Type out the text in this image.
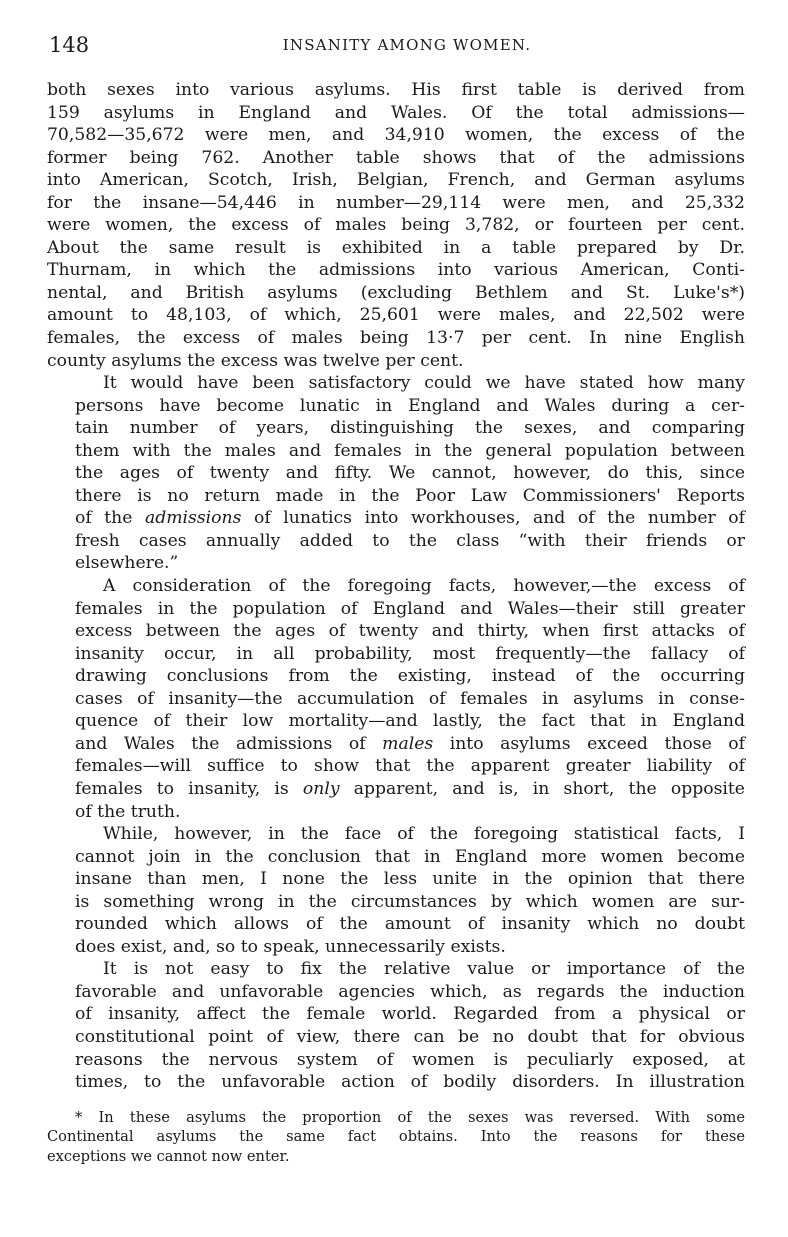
148	INSANITY AMONG WOMEN.

both sexes into various asylums. His first table is derived from
159 asylums in England and Wales. Of the total admissions—
70,582—35,672 were men, and 34,910 women, the excess of the
former being 762. Another table shows that of the admissions
into American, Scotch, Irish, Belgian, French, and German asylums
for the insane—54,446 in number—29,114 were men, and 25,332
were women, the excess of males being 3,782, or fourteen per cent.
About the same result is exhibited in a table prepared by Dr.
Thurnam, in which the admissions into various American, Conti-
nental, and British asylums (excluding Bethlem and St. Luke's*)
amount to 48,103, of which, 25,601 were males, and 22,502 were
females, the excess of males being 13·7 per cent. In nine English
county asylums the excess was twelve per cent.

It would have been satisfactory could we have stated how many
persons have become lunatic in England and Wales during a cer-
tain number of years, distinguishing the sexes, and comparing
them with the males and females in the general population between
the ages of twenty and fifty. We cannot, however, do this, since
there is no return made in the Poor Law Commissioners' Reports
of the admissions of lunatics into workhouses, and of the number of
fresh cases annually added to the class “with their friends or
elsewhere.”

A consideration of the foregoing facts, however,—the excess of
females in the population of England and Wales—their still greater
excess between the ages of twenty and thirty, when first attacks of
insanity occur, in all probability, most frequently—the fallacy of
drawing conclusions from the existing, instead of the occurring
cases of insanity—the accumulation of females in asylums in conse-
quence of their low mortality—and lastly, the fact that in England
and Wales the admissions of males into asylums exceed those of
females—will suffice to show that the apparent greater liability of
females to insanity, is only apparent, and is, in short, the opposite
of the truth.

While, however, in the face of the foregoing statistical facts, I
cannot join in the conclusion that in England more women become
insane than men, I none the less unite in the opinion that there
is something wrong in the circumstances by which women are sur-
rounded which allows of the amount of insanity which no doubt
does exist, and, so to speak, unnecessarily exists.

It is not easy to fix the relative value or importance of the
favorable and unfavorable agencies which, as regards the induction
of insanity, affect the female world. Regarded from a physical or
constitutional point of view, there can be no doubt that for obvious
reasons the nervous system of women is peculiarly exposed, at
times, to the unfavorable action of bodily disorders. In illustration

* In these asylums the proportion of the sexes was reversed. With some
Continental asylums the same fact obtains. Into the reasons for these
exceptions we cannot now enter.
